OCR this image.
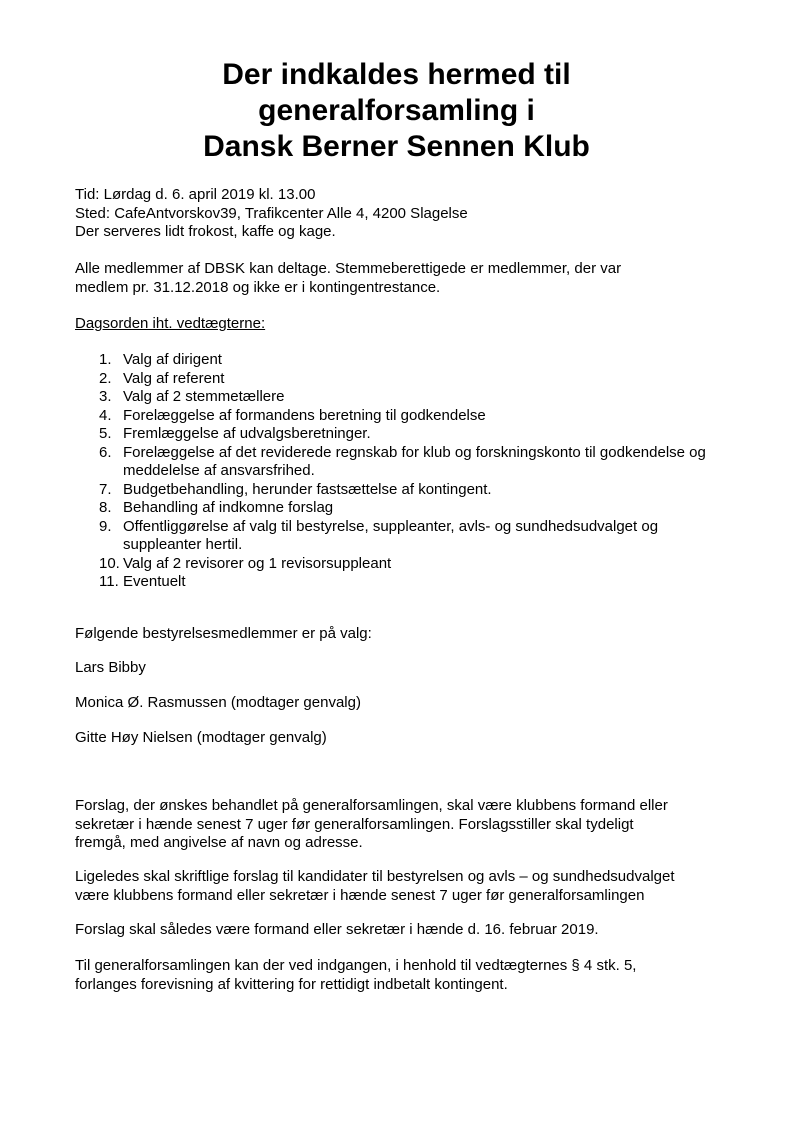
Der indkaldes hermed til
generalforsamling i
Dansk Berner Sennen Klub
Tid: Lørdag d. 6. april 2019 kl. 13.00
Sted: CafeAntvorskov39, Trafikcenter Alle 4, 4200 Slagelse
Der serveres lidt frokost, kaffe og kage.
Alle medlemmer af DBSK kan deltage. Stemmeberettigede er medlemmer, der var
medlem pr. 31.12.2018 og ikke er i kontingentrestance.
Dagsorden iht. vedtægterne:
1. Valg af dirigent
2. Valg af referent
3. Valg af 2 stemmetællere
4. Forelæggelse af formandens beretning til godkendelse
5. Fremlæggelse af udvalgsberetninger.
6. Forelæggelse af det reviderede regnskab for klub og forskningskonto til godkendelse og meddelelse af ansvarsfrihed.
7. Budgetbehandling, herunder fastsættelse af kontingent.
8. Behandling af indkomne forslag
9. Offentliggørelse af valg til bestyrelse, suppleanter, avls- og sundhedsudvalget og suppleanter hertil.
10. Valg af 2 revisorer og 1 revisorsuppleant
11. Eventuelt
Følgende bestyrelsesmedlemmer er på valg:
Lars Bibby
Monica Ø. Rasmussen (modtager genvalg)
Gitte Høy Nielsen (modtager genvalg)
Forslag, der ønskes behandlet på generalforsamlingen, skal være klubbens formand eller
sekretær i hænde senest 7 uger før generalforsamlingen. Forslagsstiller skal tydeligt
fremgå, med angivelse af navn og adresse.
Ligeledes skal skriftlige forslag til kandidater til bestyrelsen og avls – og sundhedsudvalget
være klubbens formand eller sekretær i hænde senest 7 uger før generalforsamlingen
Forslag skal således være formand eller sekretær i hænde d. 16. februar 2019.
Til generalforsamlingen kan der ved indgangen, i henhold til vedtægternes § 4 stk. 5,
forlanges forevisning af kvittering for rettidigt indbetalt kontingent.
